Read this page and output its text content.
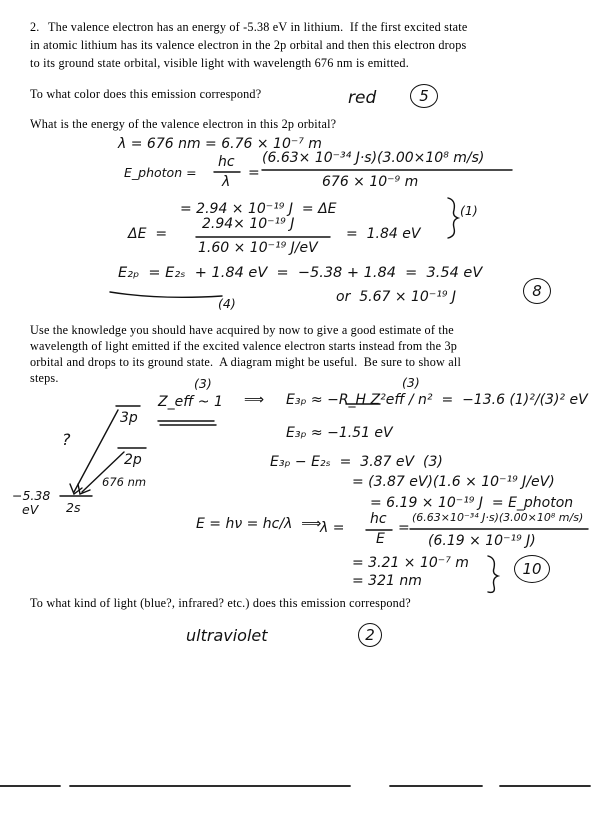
2. The valence electron has an energy of -5.38 eV in lithium.  If the first excited state
in atomic lithium has its valence electron in the 2p orbital and then this electron drops
to its ground state orbital, visible light with wavelength 676 nm is emitted.
To what color does this emission correspond?	red	5
What is the energy of the valence electron in this 2p orbital?
λ = 676 nm = 6.76 × 10⁻⁷ m
E_photon =
hc
λ
=
(6.63× 10⁻³⁴ J·s)(3.00×10⁸ m/s)
676 × 10⁻⁹ m
= 2.94 × 10⁻¹⁹ J  = ΔE
ΔE  =
2.94× 10⁻¹⁹ J
1.60 × 10⁻¹⁹ J/eV
=  1.84 eV
(1)
E₂ₚ  = E₂ₛ  + 1.84 eV  =  −5.38 + 1.84  =  3.54 eV
(4)	or  5.67 × 10⁻¹⁹ J	8
Use the knowledge you should have acquired by now to give a good estimate of the
wavelength of light emitted if the excited valence electron starts instead from the 3p
orbital and drops to its ground state.  A diagram might be useful.  Be sure to show all
steps.
3p
2p
2s
?
−5.38
eV
676 nm
(3)
Z_eff ~ 1 ⟹ E₃ₚ ≈ −R_H Z²eff / n²  =  −13.6 (1)²/(3)² eV
(3)
E₃ₚ ≈ −1.51 eV
E₃ₚ − E₂ₛ  =  3.87 eV  (3)
= (3.87 eV)(1.6 × 10⁻¹⁹ J/eV)
= 6.19 × 10⁻¹⁹ J  = E_photon
E = hν = hc/λ  ⟹
λ =
hc
E
=
(6.63×10⁻³⁴ J·s)(3.00×10⁸ m/s)
(6.19 × 10⁻¹⁹ J)
= 3.21 × 10⁻⁷ m
= 321 nm
10
To what kind of light (blue?, infrared? etc.) does this emission correspond?
ultraviolet	2
